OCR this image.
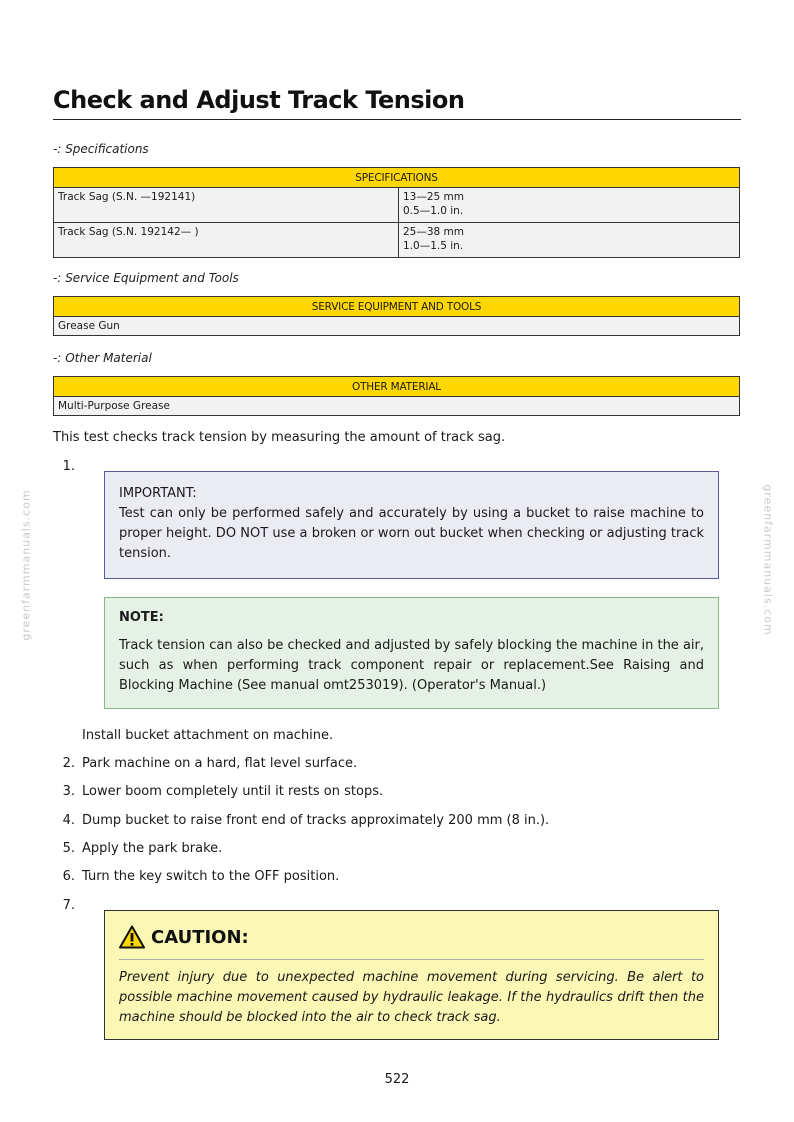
Check and Adjust Track Tension
-: Specifications
SPECIFICATIONS	
Track Sag (S.N. —192141)	13—25 mm
0.5—1.0 in.

Track Sag (S.N. 192142— )	25—38 mm
1.0—1.5 in.
-: Service Equipment and Tools
SERVICE EQUIPMENT AND TOOLS
Grease Gun
-: Other Material
OTHER MATERIAL
Multi-Purpose Grease
This test checks track tension by measuring the amount of track sag.
1.
IMPORTANT:
Test can only be performed safely and accurately by using a bucket to raise machine to proper height. DO NOT use a broken or worn out bucket when checking or adjusting track tension.
NOTE:
Track tension can also be checked and adjusted by safely blocking the machine in the air, such as when performing track component repair or replacement.See Raising and Blocking Machine (See manual omt253019). (Operator's Manual.)
Install bucket attachment on machine.
2. Park machine on a hard, flat level surface.
3. Lower boom completely until it rests on stops.
4. Dump bucket to raise front end of tracks approximately 200 mm (8 in.).
5. Apply the park brake.
6. Turn the key switch to the OFF position.
7.
CAUTION:
Prevent injury due to unexpected machine movement during servicing. Be alert to possible machine movement caused by hydraulic leakage. If the hydraulics drift then the machine should be blocked into the air to check track sag.
greenfarmmanuals.com	greenfarmmanuals.com
522
